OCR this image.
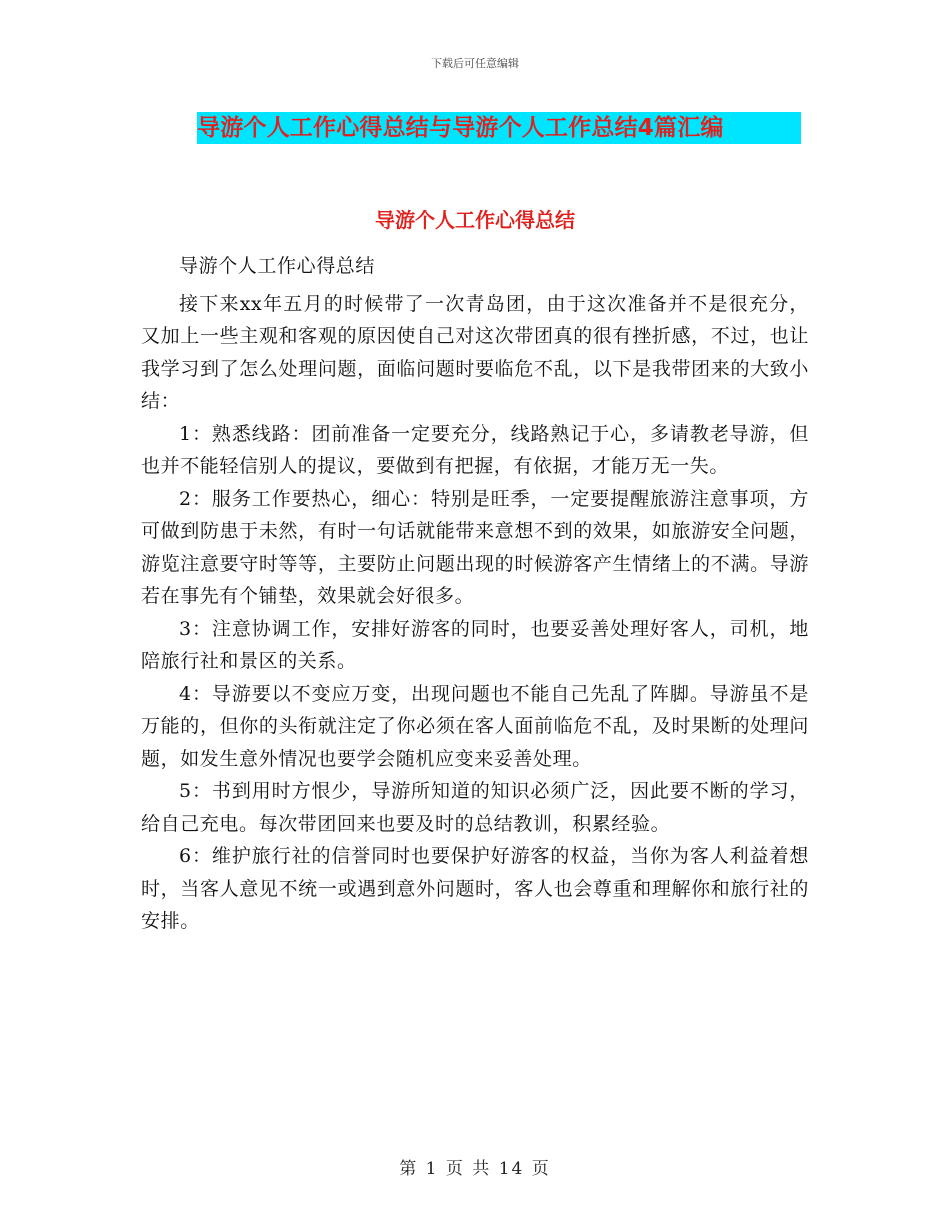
下载后可任意编辑
导游个人工作心得总结与导游个人工作总结4篇汇编
导游个人工作心得总结

导游个人工作心得总结

接下来xx年五月的时候带了一次青岛团，由于这次准备并不是很充分，又加上一些主观和客观的原因使自己对这次带团真的很有挫折感，不过，也让我学习到了怎么处理问题，面临问题时要临危不乱，以下是我带团来的大致小结：

1：熟悉线路：团前准备一定要充分，线路熟记于心，多请教老导游，但也并不能轻信别人的提议，要做到有把握，有依据，才能万无一失。

2：服务工作要热心，细心：特别是旺季，一定要提醒旅游注意事项，方可做到防患于未然，有时一句话就能带来意想不到的效果，如旅游安全问题，游览注意要守时等等，主要防止问题出现的时候游客产生情绪上的不满。导游若在事先有个铺垫，效果就会好很多。

3：注意协调工作，安排好游客的同时，也要妥善处理好客人，司机，地陪旅行社和景区的关系。

4：导游要以不变应万变，出现问题也不能自己先乱了阵脚。导游虽不是万能的，但你的头衔就注定了你必须在客人面前临危不乱，及时果断的处理问题，如发生意外情况也要学会随机应变来妥善处理。

5：书到用时方恨少，导游所知道的知识必须广泛，因此要不断的学习，给自己充电。每次带团回来也要及时的总结教训，积累经验。

6：维护旅行社的信誉同时也要保护好游客的权益，当你为客人利益着想时，当客人意见不统一或遇到意外问题时，客人也会尊重和理解你和旅行社的安排。

第 1 页 共 14 页
